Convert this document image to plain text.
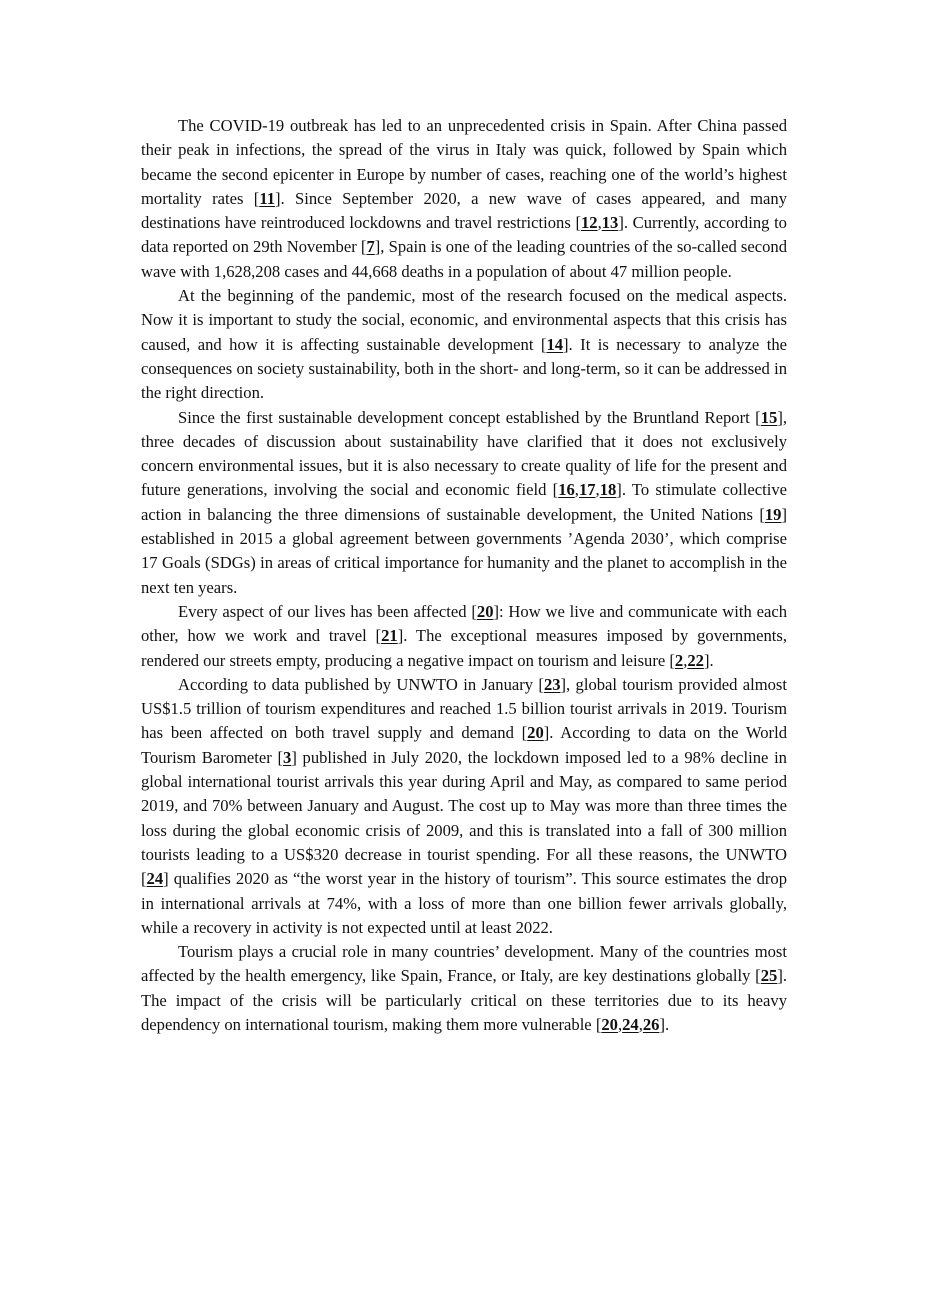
The COVID-19 outbreak has led to an unprecedented crisis in Spain. After China passed their peak in infections, the spread of the virus in Italy was quick, followed by Spain which became the second epicenter in Europe by number of cases, reaching one of the world’s highest mortality rates [11]. Since September 2020, a new wave of cases appeared, and many destinations have reintroduced lockdowns and travel restrictions [12,13]. Currently, according to data reported on 29th November [7], Spain is one of the leading countries of the so-called second wave with 1,628,208 cases and 44,668 deaths in a population of about 47 million people.

At the beginning of the pandemic, most of the research focused on the medical aspects. Now it is important to study the social, economic, and environmental aspects that this crisis has caused, and how it is affecting sustainable development [14]. It is necessary to analyze the consequences on society sustainability, both in the short- and long-term, so it can be addressed in the right direction.

Since the first sustainable development concept established by the Bruntland Report [15], three decades of discussion about sustainability have clarified that it does not exclusively concern environmental issues, but it is also necessary to create quality of life for the present and future generations, involving the social and economic field [16,17,18]. To stimulate collective action in balancing the three dimensions of sustainable development, the United Nations [19] established in 2015 a global agreement between governments ’Agenda 2030’, which comprise 17 Goals (SDGs) in areas of critical importance for humanity and the planet to accomplish in the next ten years.

Every aspect of our lives has been affected [20]: How we live and communicate with each other, how we work and travel [21]. The exceptional measures imposed by governments, rendered our streets empty, producing a negative impact on tourism and leisure [2,22].

According to data published by UNWTO in January [23], global tourism provided almost US$1.5 trillion of tourism expenditures and reached 1.5 billion tourist arrivals in 2019. Tourism has been affected on both travel supply and demand [20]. According to data on the World Tourism Barometer [3] published in July 2020, the lockdown imposed led to a 98% decline in global international tourist arrivals this year during April and May, as compared to same period 2019, and 70% between January and August. The cost up to May was more than three times the loss during the global economic crisis of 2009, and this is translated into a fall of 300 million tourists leading to a US$320 decrease in tourist spending. For all these reasons, the UNWTO [24] qualifies 2020 as “the worst year in the history of tourism”. This source estimates the drop in international arrivals at 74%, with a loss of more than one billion fewer arrivals globally, while a recovery in activity is not expected until at least 2022.

Tourism plays a crucial role in many countries’ development. Many of the countries most affected by the health emergency, like Spain, France, or Italy, are key destinations globally [25]. The impact of the crisis will be particularly critical on these territories due to its heavy dependency on international tourism, making them more vulnerable [20,24,26].
